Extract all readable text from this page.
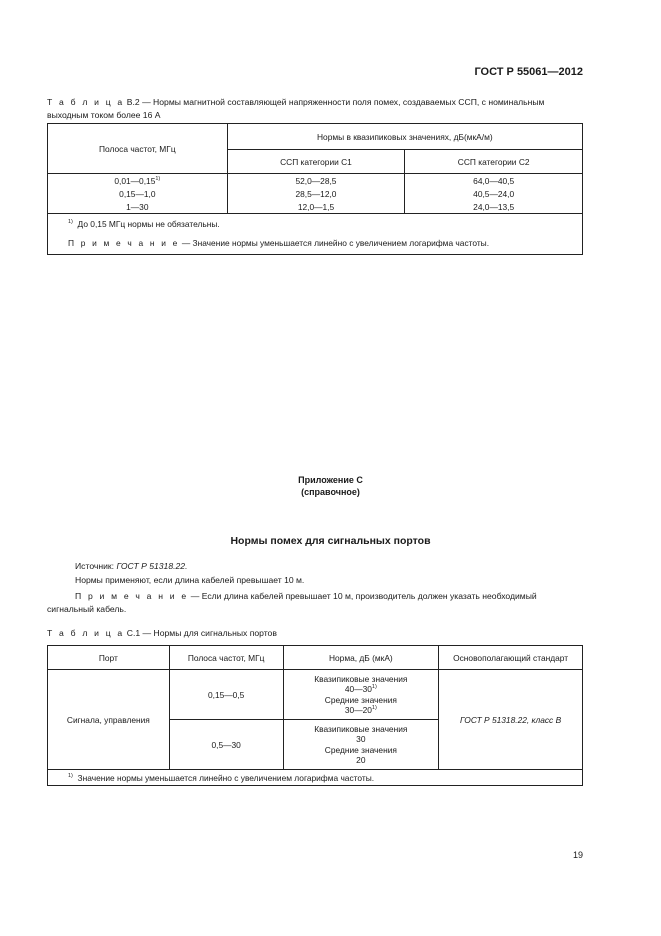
ГОСТ Р 55061—2012
Т а б л и ц а В.2 — Нормы магнитной составляющей напряженности поля помех, создаваемых ССП, с номинальным выходным током более 16 А
Полоса частот, МГц	Нормы в квазипиковых значениях, дБ(мкА/м)	
	ССП категории С1	ССП категории С2
0,01—0,15$^{1)}$	52,0—28,5	64,0—40,5
0,15—1,0	28,5—12,0	40,5—24,0
1—30	12,0—1,5	24,0—13,5

$^{1)}$ До 0,15 МГц нормы не обязательны.
П р и м е ч а н и е — Значение нормы уменьшается линейно с увеличением логарифма частоты.		
Приложение С
(справочное)
Нормы помех для сигнальных портов
Источник: ГОСТ Р 51318.22.
Нормы применяют, если длина кабелей превышает 10 м.
П р и м е ч а н и е — Если длина кабелей превышает 10 м, производитель должен указать необходимый сигнальный кабель.
Т а б л и ц а С.1 — Нормы для сигнальных портов
Порт	Полоса частот, МГц	Норма, дБ (мкА)	Основополагающий стандарт
Сигнала, управления	0,15—0,5	Квазипиковые значения
40—30$^{1)}$
Средние значения
30—20$^{1)}$	ГОСТ Р 51318.22, класс В
	0,5—30	Квазипиковые значения
30
Средние значения
20	

$^{1)}$ Значение нормы уменьшается линейно с увеличением логарифма частоты.			
19
